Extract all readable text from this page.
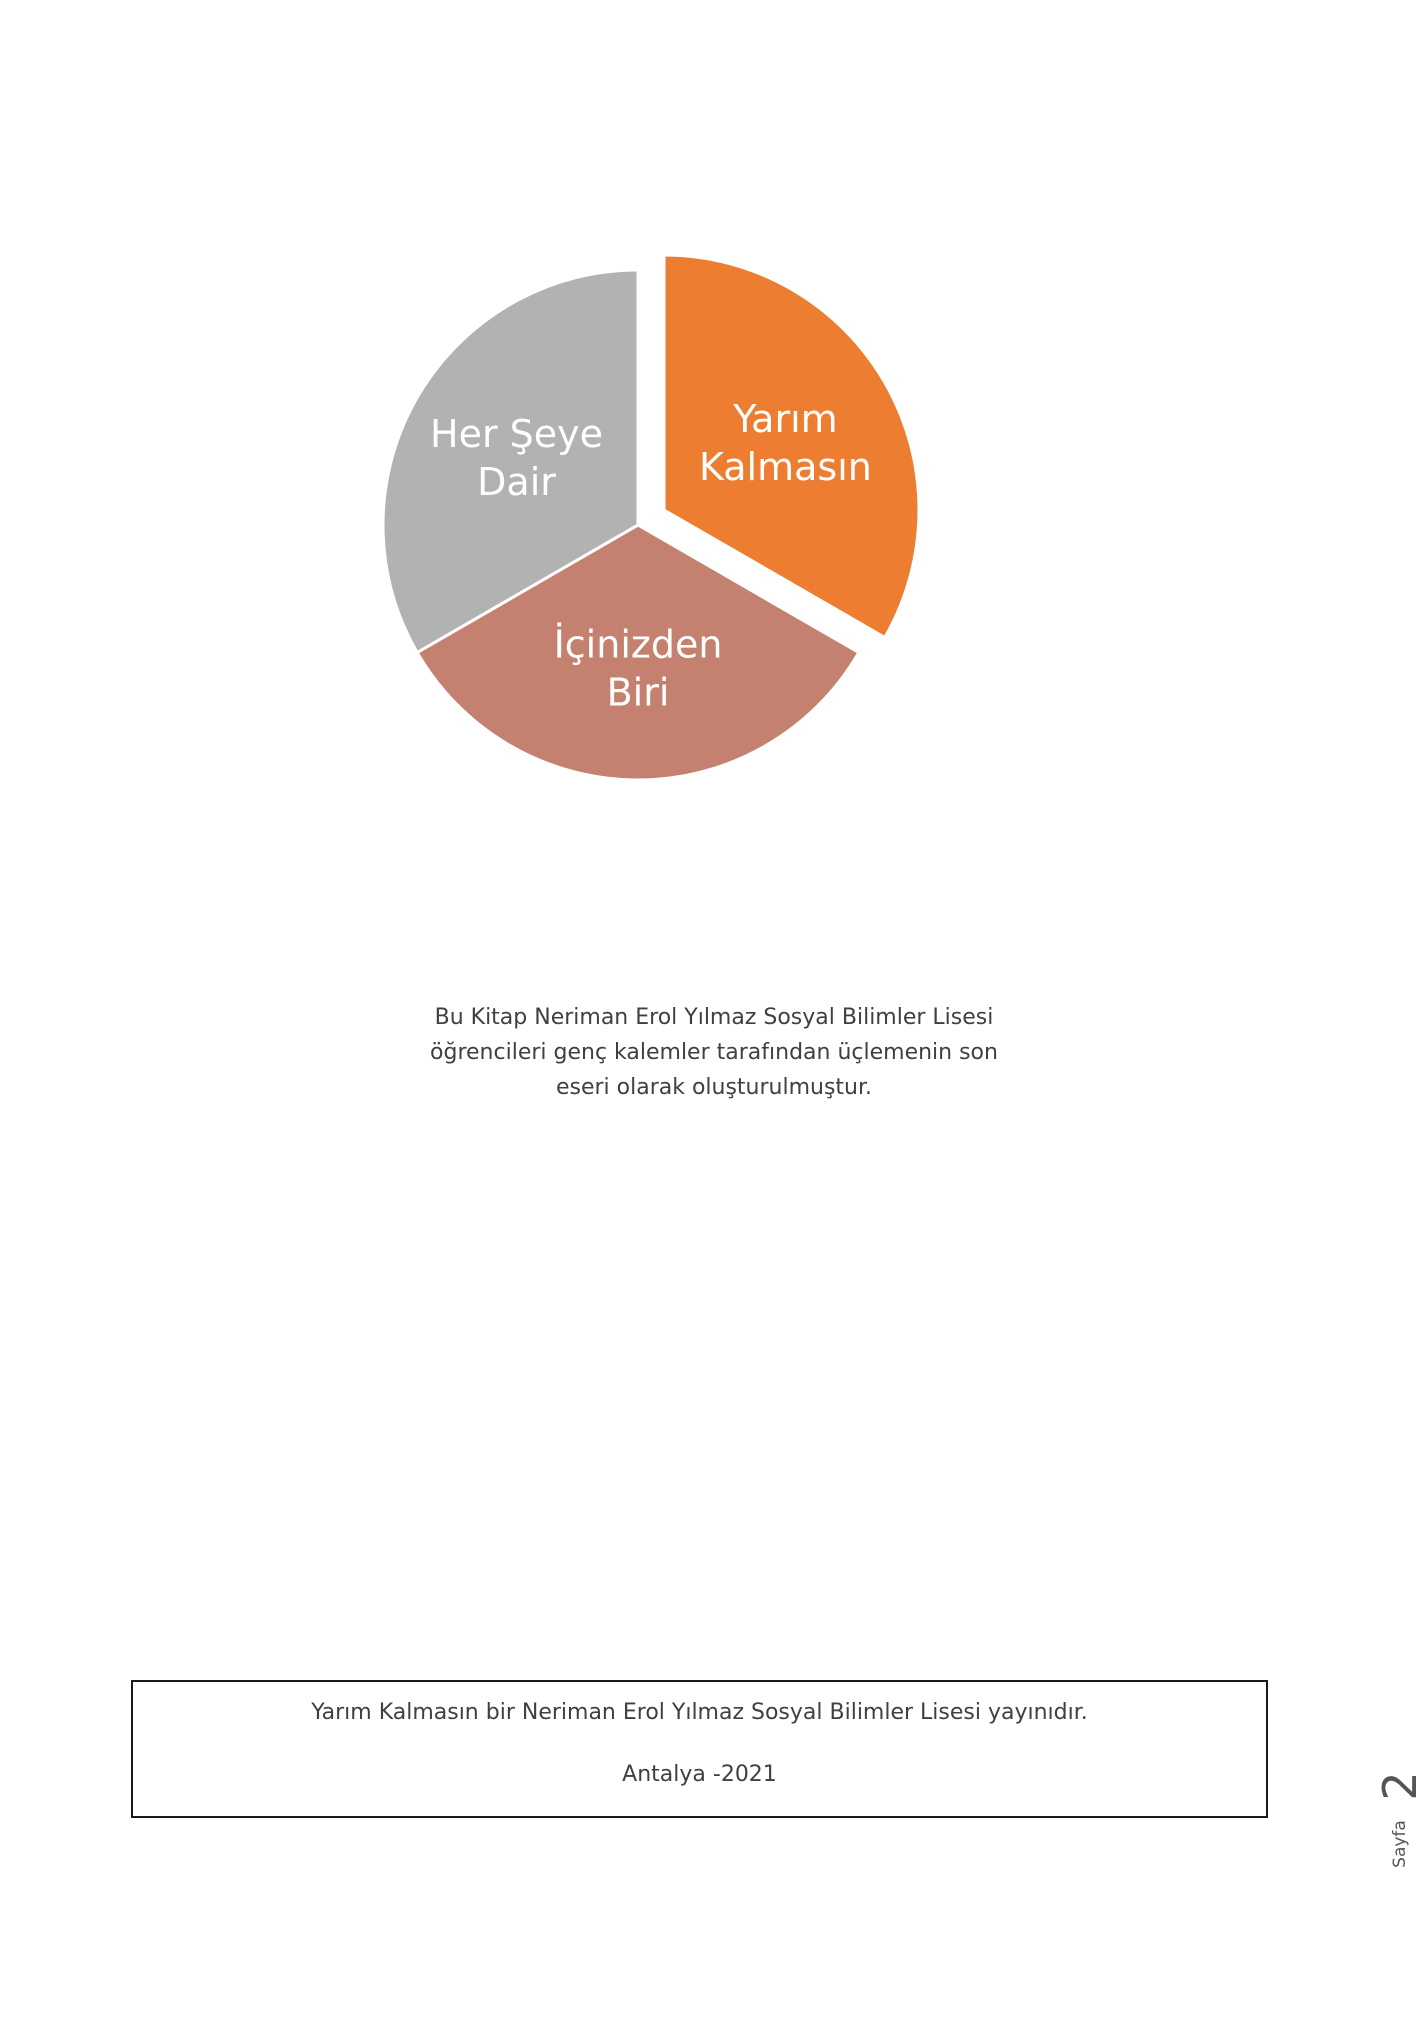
Yarım
Kalmasın
İçinizden
Biri
Her Şeye
Dair
Bu Kitap Neriman Erol Yılmaz Sosyal Bilimler Lisesi
öğrencileri genç kalemler tarafından üçlemenin son
eseri olarak oluşturulmuştur.
Yarım Kalmasın bir Neriman Erol Yılmaz Sosyal Bilimler Lisesi yayınıdır.
Antalya -2021	2
Sayfa
